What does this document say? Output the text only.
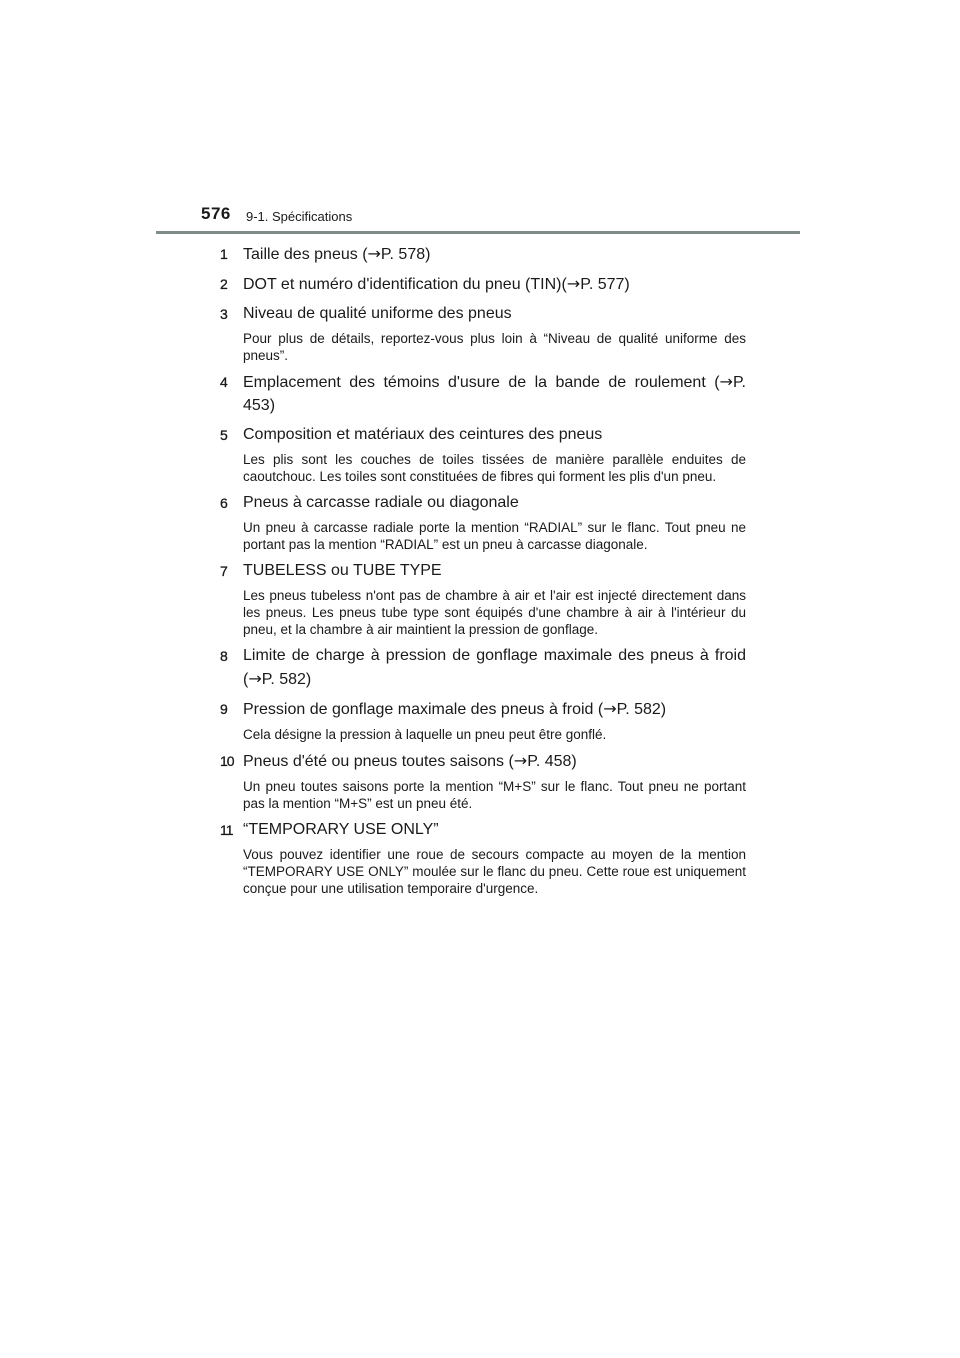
576 9-1. Spécifications
1	Taille des pneus (→P. 578)
2	DOT et numéro d'identification du pneu (TIN)(→P. 577)
3	Niveau de qualité uniforme des pneus
Pour plus de détails, reportez-vous plus loin à “Niveau de qualité uniforme des pneus”.
4	Emplacement des témoins d'usure de la bande de roulement (→P. 453)
5	Composition et matériaux des ceintures des pneus
Les plis sont les couches de toiles tissées de manière parallèle enduites de caoutchouc. Les toiles sont constituées de fibres qui forment les plis d'un pneu.
6	Pneus à carcasse radiale ou diagonale
Un pneu à carcasse radiale porte la mention “RADIAL” sur le flanc. Tout pneu ne portant pas la mention “RADIAL” est un pneu à carcasse diagonale.
7	TUBELESS ou TUBE TYPE
Les pneus tubeless n'ont pas de chambre à air et l'air est injecté directement dans les pneus. Les pneus tube type sont équipés d'une chambre à air à l'intérieur du pneu, et la chambre à air maintient la pression de gonflage.
8	Limite de charge à pression de gonflage maximale des pneus à froid (→P. 582)
9	Pression de gonflage maximale des pneus à froid (→P. 582)
Cela désigne la pression à laquelle un pneu peut être gonflé.
10 Pneus d'été ou pneus toutes saisons (→P. 458)
Un pneu toutes saisons porte la mention “M+S” sur le flanc. Tout pneu ne portant pas la mention “M+S” est un pneu été.
11 “TEMPORARY USE ONLY”
Vous pouvez identifier une roue de secours compacte au moyen de la mention “TEMPORARY USE ONLY” moulée sur le flanc du pneu. Cette roue est uniquement conçue pour une utilisation temporaire d'urgence.
